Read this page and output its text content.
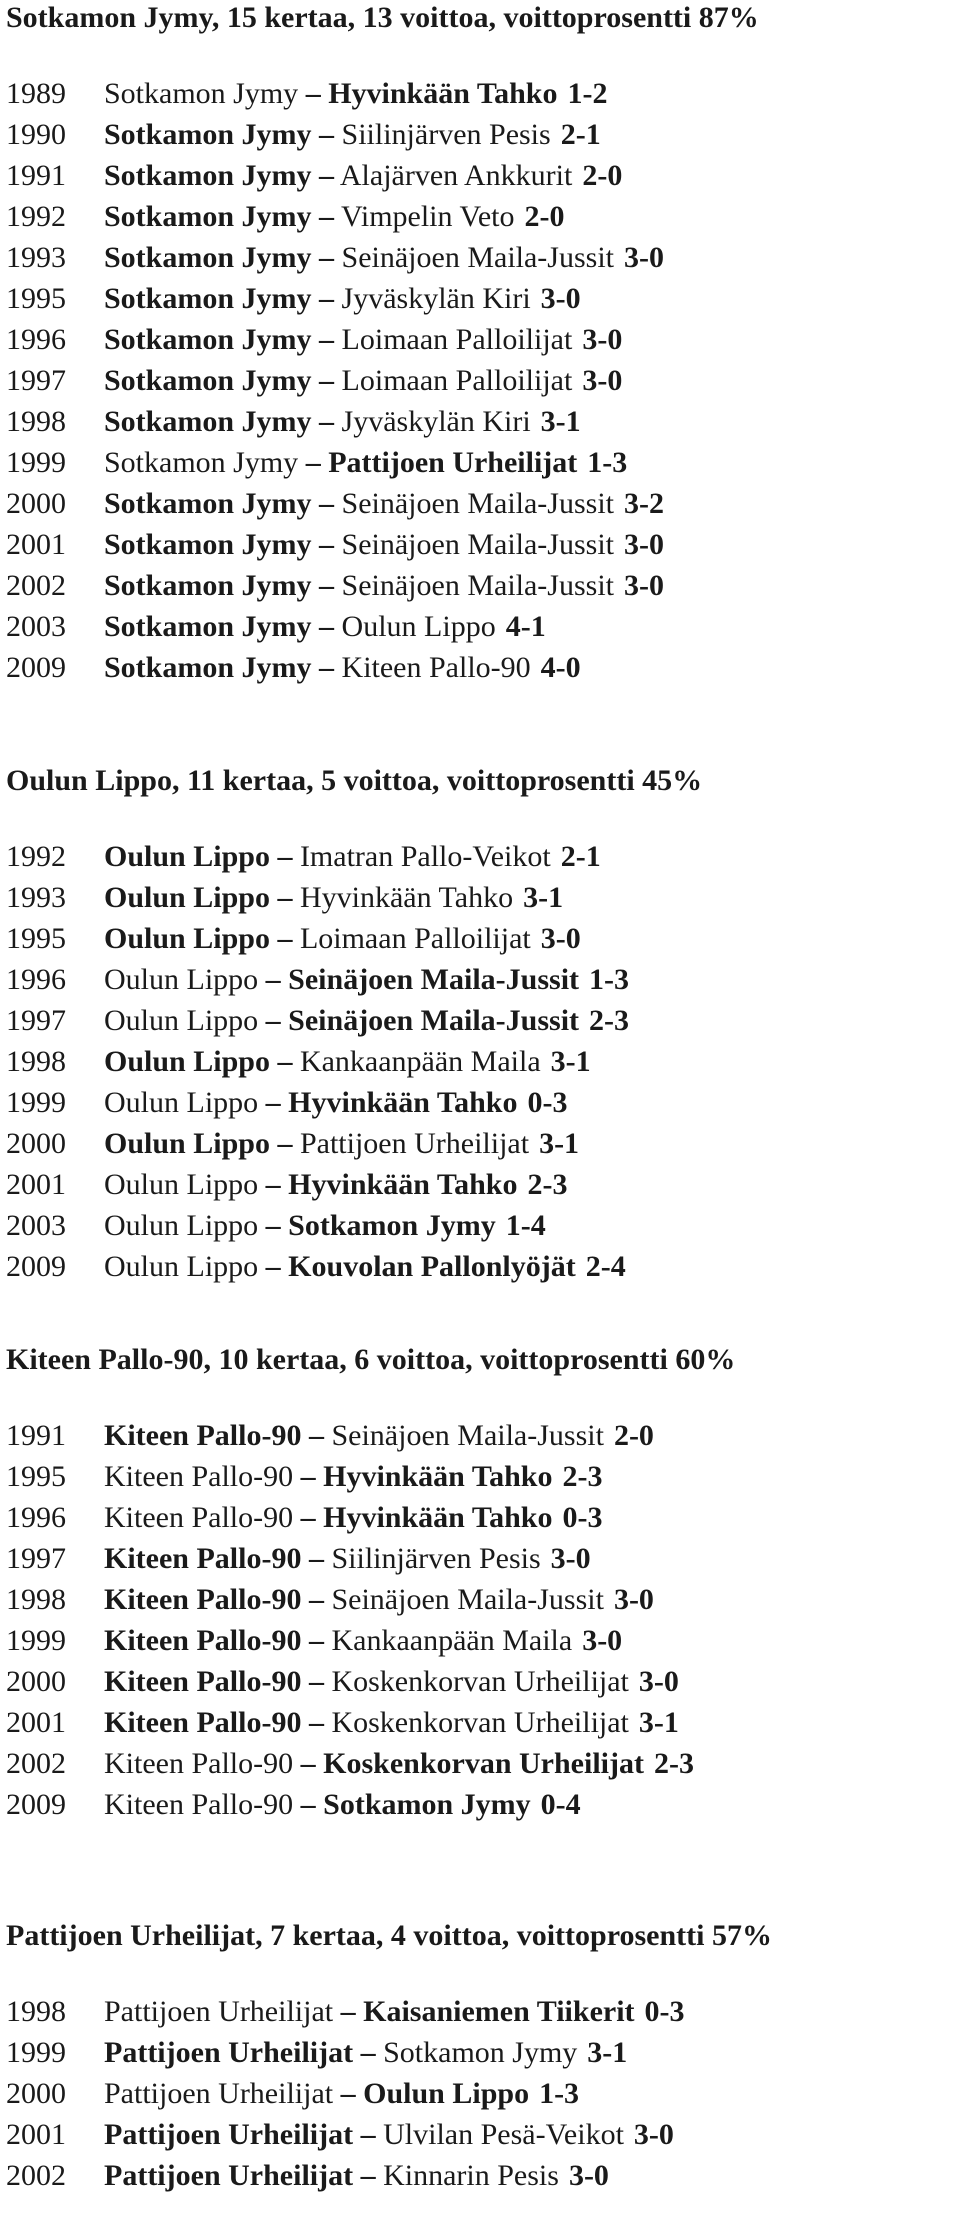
Sotkamon Jymy, 15 kertaa, 13 voittoa, voittoprosentti 87%
1989 Sotkamon Jymy – Hyvinkään Tahko 1-2
1990 Sotkamon Jymy – Siilinjärven Pesis 2-1
1991 Sotkamon Jymy – Alajärven Ankkurit 2-0
1992 Sotkamon Jymy – Vimpelin Veto 2-0
1993 Sotkamon Jymy – Seinäjoen Maila-Jussit 3-0
1995 Sotkamon Jymy – Jyväskylän Kiri 3-0
1996 Sotkamon Jymy – Loimaan Palloilijat 3-0
1997 Sotkamon Jymy – Loimaan Palloilijat 3-0
1998 Sotkamon Jymy – Jyväskylän Kiri 3-1
1999 Sotkamon Jymy – Pattijoen Urheilijat 1-3
2000 Sotkamon Jymy – Seinäjoen Maila-Jussit 3-2
2001 Sotkamon Jymy – Seinäjoen Maila-Jussit 3-0
2002 Sotkamon Jymy – Seinäjoen Maila-Jussit 3-0
2003 Sotkamon Jymy – Oulun Lippo 4-1
2009 Sotkamon Jymy – Kiteen Pallo-90 4-0
Oulun Lippo, 11 kertaa, 5 voittoa, voittoprosentti 45%
1992 Oulun Lippo – Imatran Pallo-Veikot 2-1
1993 Oulun Lippo – Hyvinkään Tahko 3-1
1995 Oulun Lippo – Loimaan Palloilijat 3-0
1996 Oulun Lippo – Seinäjoen Maila-Jussit 1-3
1997 Oulun Lippo – Seinäjoen Maila-Jussit 2-3
1998 Oulun Lippo – Kankaanpään Maila 3-1
1999 Oulun Lippo – Hyvinkään Tahko 0-3
2000 Oulun Lippo – Pattijoen Urheilijat 3-1
2001 Oulun Lippo – Hyvinkään Tahko 2-3
2003 Oulun Lippo – Sotkamon Jymy 1-4
2009 Oulun Lippo – Kouvolan Pallonlyöjät 2-4
Kiteen Pallo-90, 10 kertaa, 6 voittoa, voittoprosentti 60%
1991 Kiteen Pallo-90 – Seinäjoen Maila-Jussit 2-0
1995 Kiteen Pallo-90 – Hyvinkään Tahko 2-3
1996 Kiteen Pallo-90 – Hyvinkään Tahko 0-3
1997 Kiteen Pallo-90 – Siilinjärven Pesis 3-0
1998 Kiteen Pallo-90 – Seinäjoen Maila-Jussit 3-0
1999 Kiteen Pallo-90 – Kankaanpään Maila 3-0
2000 Kiteen Pallo-90 – Koskenkorvan Urheilijat 3-0
2001 Kiteen Pallo-90 – Koskenkorvan Urheilijat 3-1
2002 Kiteen Pallo-90 – Koskenkorvan Urheilijat 2-3
2009 Kiteen Pallo-90 – Sotkamon Jymy 0-4
Pattijoen Urheilijat, 7 kertaa, 4 voittoa, voittoprosentti 57%
1998 Pattijoen Urheilijat – Kaisaniemen Tiikerit 0-3
1999 Pattijoen Urheilijat – Sotkamon Jymy 3-1
2000 Pattijoen Urheilijat – Oulun Lippo 1-3
2001 Pattijoen Urheilijat – Ulvilan Pesä-Veikot 3-0
2002 Pattijoen Urheilijat – Kinnarin Pesis 3-0
